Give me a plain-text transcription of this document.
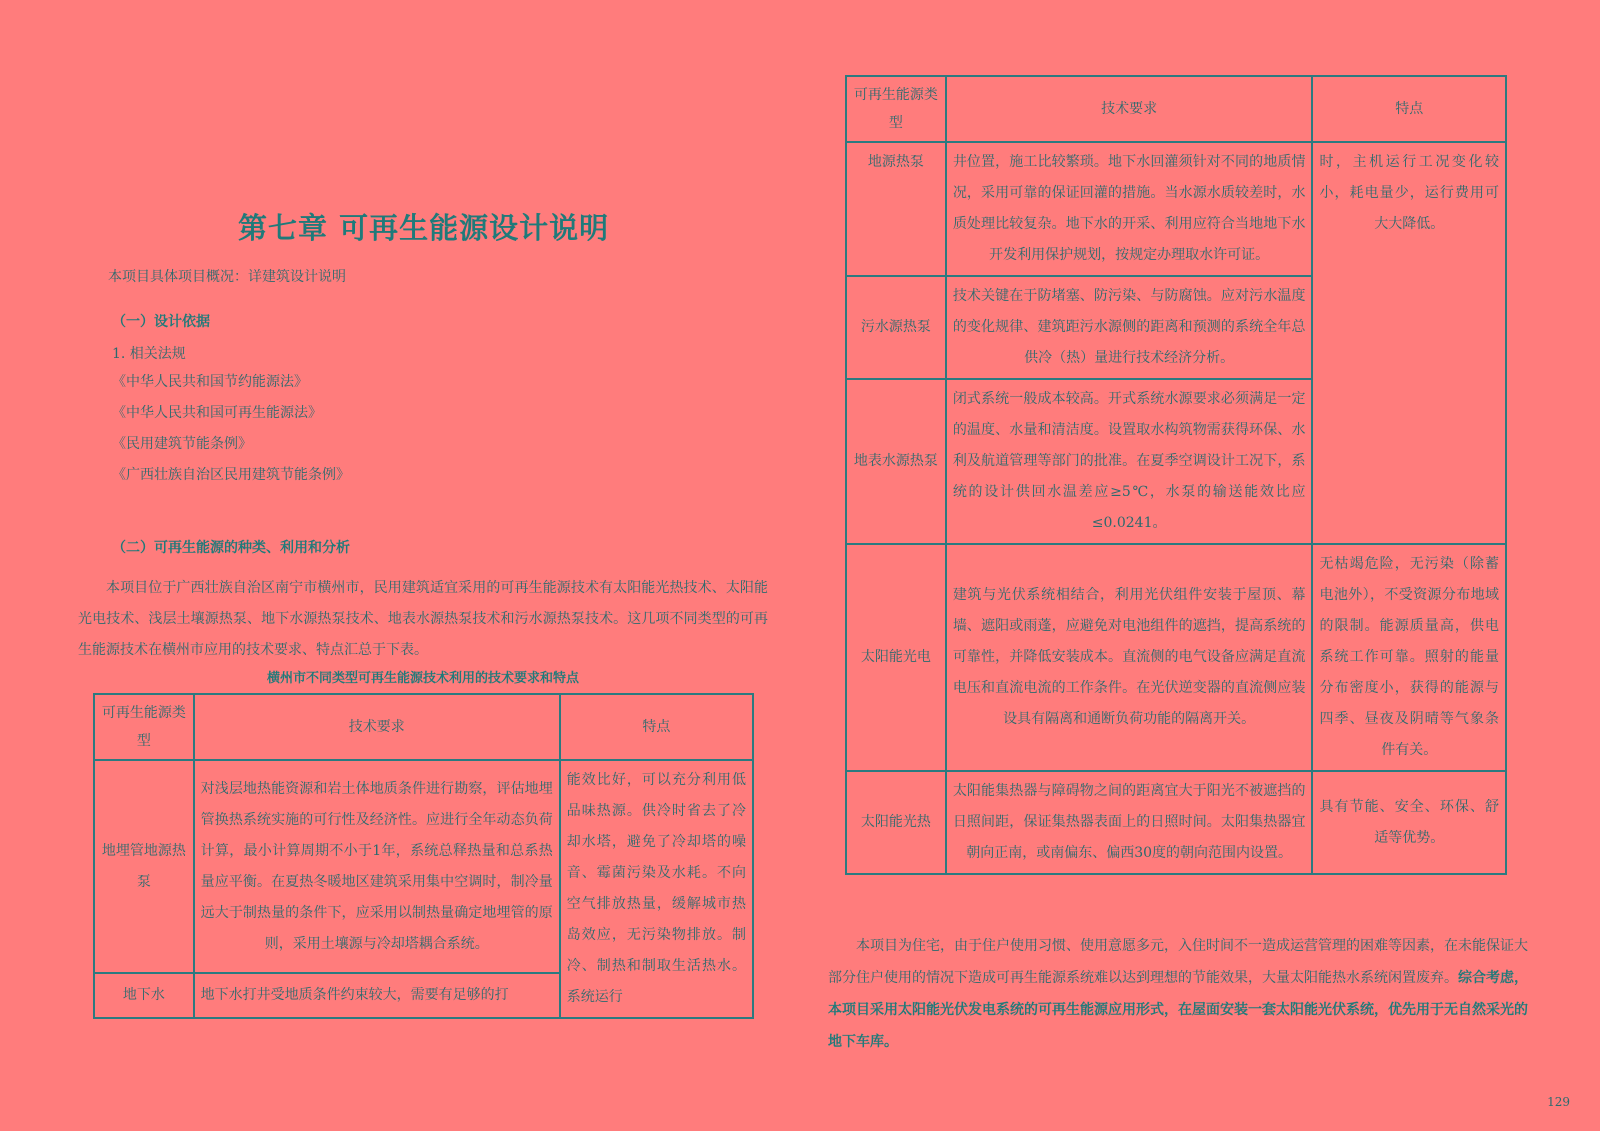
第七章 可再生能源设计说明
本项目具体项目概况：详建筑设计说明
（一）设计依据
1. 相关法规
《中华人民共和国节约能源法》
《中华人民共和国可再生能源法》
《民用建筑节能条例》
《广西壮族自治区民用建筑节能条例》
（二）可再生能源的种类、利用和分析
本项目位于广西壮族自治区南宁市横州市，民用建筑适宜采用的可再生能源技术有太阳能光热技术、太阳能光电技术、浅层土壤源热泵、地下水源热泵技术、地表水源热泵技术和污水源热泵技术。这几项不同类型的可再生能源技术在横州市应用的技术要求、特点汇总于下表。
横州市不同类型可再生能源技术利用的技术要求和特点
可再生能源类型	技术要求	特点
地埋管地源热泵	对浅层地热能资源和岩土体地质条件进行勘察，评估地埋管换热系统实施的可行性及经济性。应进行全年动态负荷计算，最小计算周期不小于1年，系统总释热量和总系热量应平衡。在夏热冬暖地区建筑采用集中空调时，制冷量远大于制热量的条件下，应采用以制热量确定地埋管的原则，采用土壤源与冷却塔耦合系统。	能效比好，可以充分利用低品味热源。供冷时省去了冷却水塔，避免了冷却塔的噪音、霉菌污染及水耗。不向空气排放热量，缓解城市热岛效应，无污染物排放。制冷、制热和制取生活热水。系统运行
地下水	地下水打井受地质条件约束较大，需要有足够的打	
可再生能源类型	技术要求	特点
地源热泵	井位置，施工比较繁琐。地下水回灌须针对不同的地质情况，采用可靠的保证回灌的措施。当水源水质较差时，水质处理比较复杂。地下水的开采、利用应符合当地地下水开发利用保护规划，按规定办理取水许可证。	时，主机运行工况变化较小，耗电量少，运行费用可大大降低。
污水源热泵	技术关键在于防堵塞、防污染、与防腐蚀。应对污水温度的变化规律、建筑距污水源侧的距离和预测的系统全年总供冷（热）量进行技术经济分析。	
地表水源热泵	闭式系统一般成本较高。开式系统水源要求必须满足一定的温度、水量和清洁度。设置取水构筑物需获得环保、水利及航道管理等部门的批准。在夏季空调设计工况下，系统的设计供回水温差应≥5℃，水泵的输送能效比应≤0.0241。	
太阳能光电	建筑与光伏系统相结合，利用光伏组件安装于屋顶、幕墙、遮阳或雨蓬，应避免对电池组件的遮挡，提高系统的可靠性，并降低安装成本。直流侧的电气设备应满足直流电压和直流电流的工作条件。在光伏逆变器的直流侧应装设具有隔离和通断负荷功能的隔离开关。	无枯竭危险，无污染（除蓄电池外），不受资源分布地域的限制。能源质量高，供电系统工作可靠。照射的能量分布密度小，获得的能源与四季、昼夜及阴晴等气象条件有关。
太阳能光热	太阳能集热器与障碍物之间的距离宜大于阳光不被遮挡的日照间距，保证集热器表面上的日照时间。太阳集热器宜朝向正南，或南偏东、偏西30度的朝向范围内设置。	具有节能、安全、环保、舒适等优势。
本项目为住宅，由于住户使用习惯、使用意愿多元，入住时间不一造成运营管理的困难等因素，在未能保证大部分住户使用的情况下造成可再生能源系统难以达到理想的节能效果，大量太阳能热水系统闲置废弃。综合考虑，本项目采用太阳能光伏发电系统的可再生能源应用形式，在屋面安装一套太阳能光伏系统，优先用于无自然采光的地下车库。
129
